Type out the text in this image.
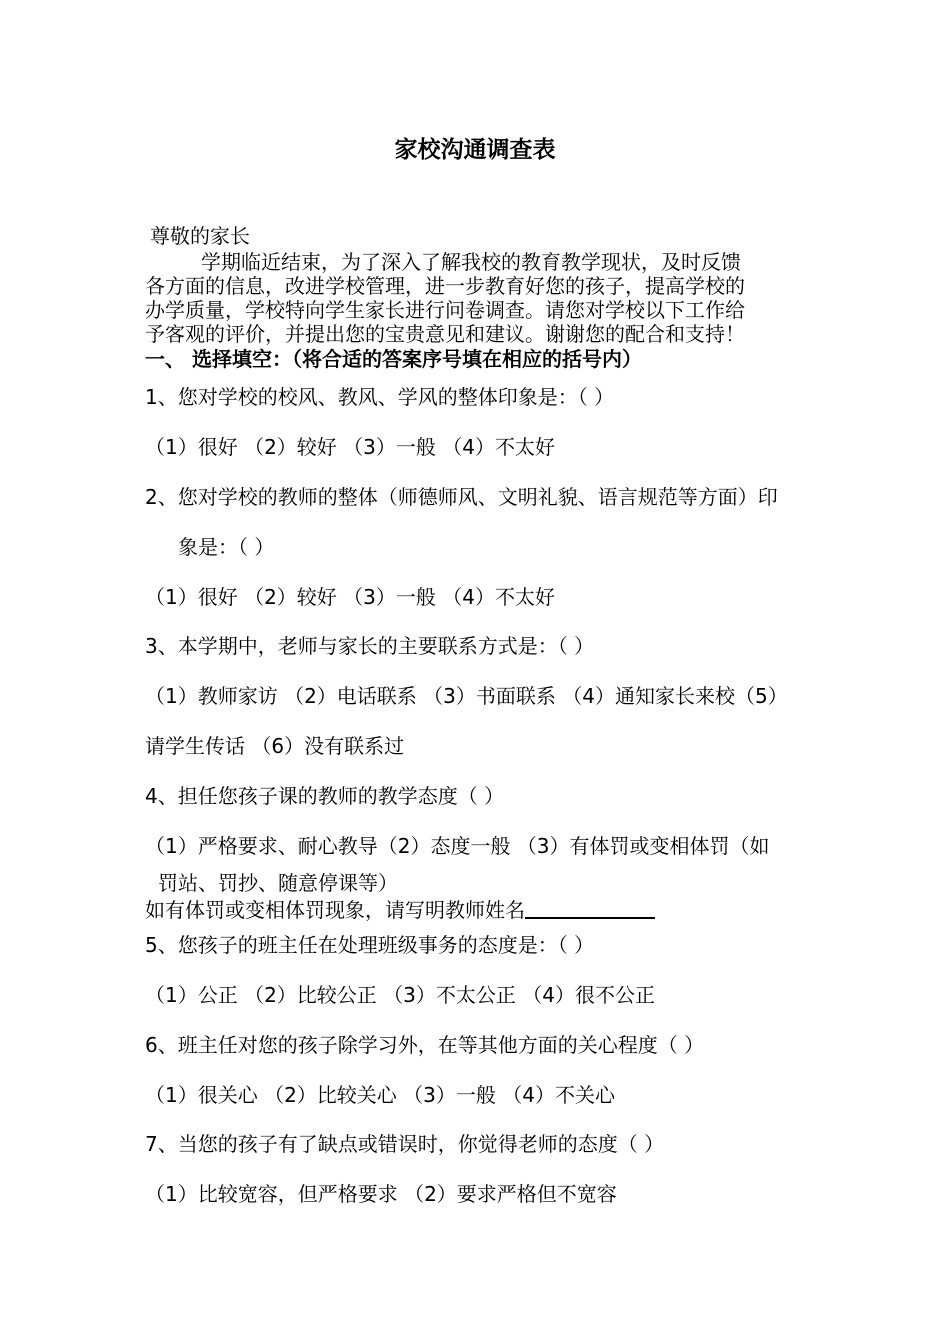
家校沟通调查表
尊敬的家长
学期临近结束，为了深入了解我校的教育教学现状，及时反馈
各方面的信息，改进学校管理，进一步教育好您的孩子，提高学校的
办学质量，学校特向学生家长进行问卷调查。请您对学校以下工作给
予客观的评价，并提出您的宝贵意见和建议。谢谢您的配合和支持！
一、 选择填空：（将合适的答案序号填在相应的括号内）
1、您对学校的校风、教风、学风的整体印象是：（ ）
（1）很好 （2）较好 （3）一般 （4）不太好
2、您对学校的教师的整体（师德师风、文明礼貌、语言规范等方面）印
象是：（ ）
（1）很好 （2）较好 （3）一般 （4）不太好
3、本学期中，老师与家长的主要联系方式是：（ ）
（1）教师家访 （2）电话联系 （3）书面联系 （4）通知家长来校（5）
请学生传话 （6）没有联系过
4、担任您孩子课的教师的教学态度（ ）
（1）严格要求、耐心教导（2）态度一般 （3）有体罚或变相体罚（如
罚站、罚抄、随意停课等）
如有体罚或变相体罚现象，请写明教师姓名
5、您孩子的班主任在处理班级事务的态度是：（ ）
（1）公正 （2）比较公正 （3）不太公正 （4）很不公正
6、班主任对您的孩子除学习外，在等其他方面的关心程度（ ）
（1）很关心 （2）比较关心 （3）一般 （4）不关心
7、当您的孩子有了缺点或错误时，你觉得老师的态度（ ）
（1）比较宽容，但严格要求 （2）要求严格但不宽容
